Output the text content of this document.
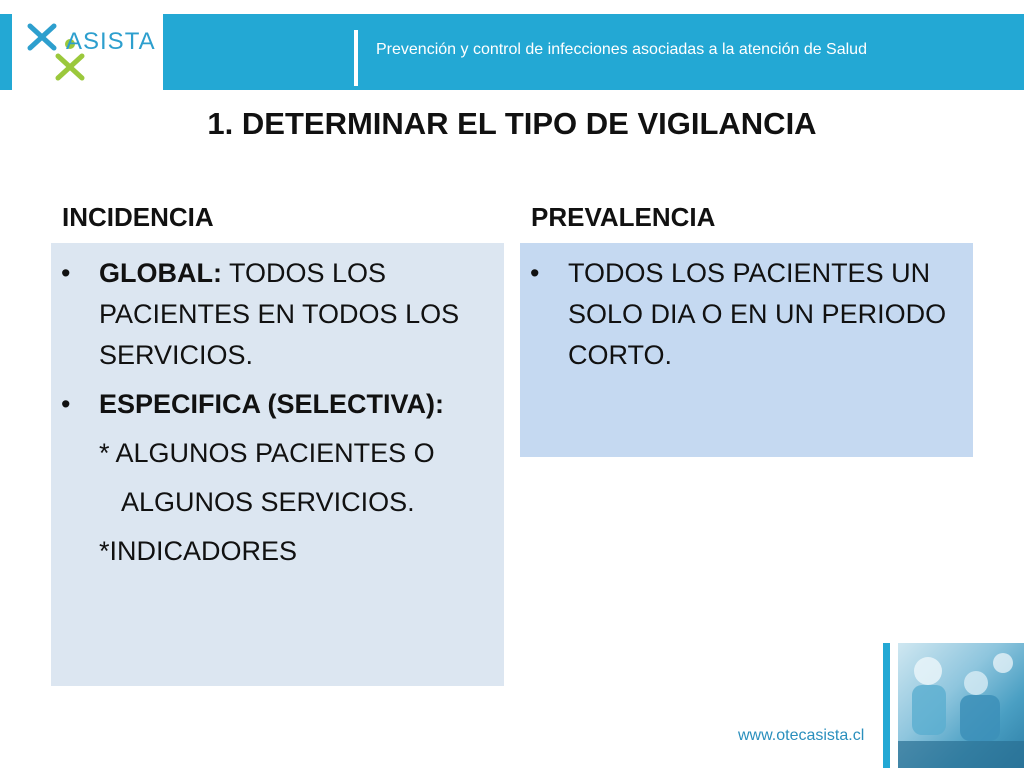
ASISTA	Prevención y control de infecciones asociadas a la atención de Salud
1. DETERMINAR EL TIPO DE VIGILANCIA
INCIDENCIA	PREVALENCIA

• GLOBAL: TODOS LOS PACIENTES EN TODOS LOS SERVICIOS.

• ESPECIFICA (SELECTIVA):

* ALGUNOS PACIENTES O

ALGUNOS SERVICIOS.

*INDICADORES

• TODOS LOS PACIENTES UN SOLO DIA O EN UN PERIODO CORTO.

www.otecasista.cl
